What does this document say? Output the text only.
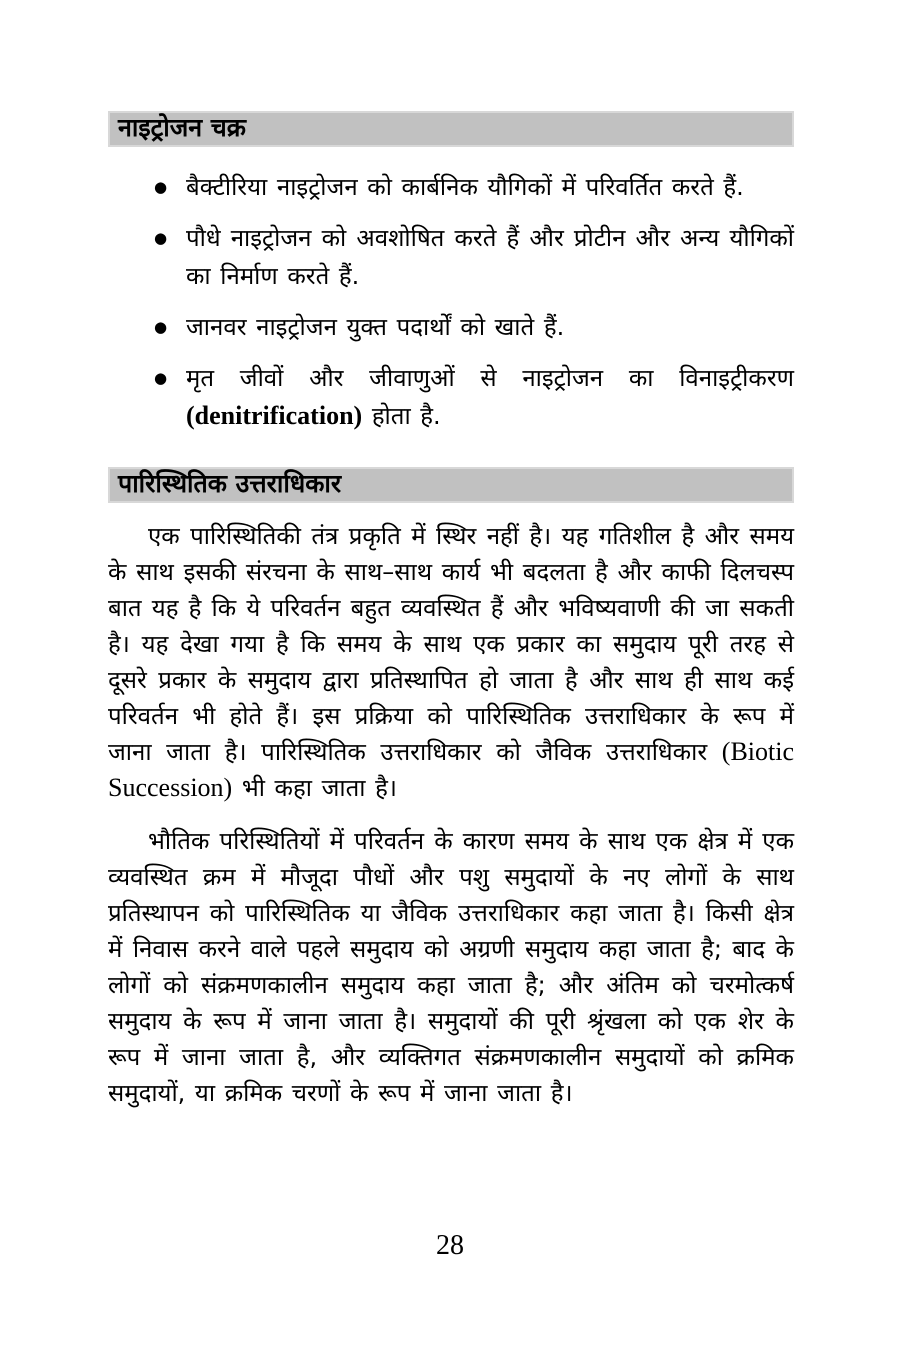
नाइट्रोजन चक्र
● बैक्टीरिया नाइट्रोजन को कार्बनिक यौगिकों में परिवर्तित करते हैं.
● पौधे नाइट्रोजन को अवशोषित करते हैं और प्रोटीन और अन्य यौगिकों का निर्माण करते हैं.
● जानवर नाइट्रोजन युक्त पदार्थों को खाते हैं.
● मृत जीवों और जीवाणुओं से नाइट्रोजन का विनाइट्रीकरण (denitrification) होता है.
पारिस्थितिक उत्तराधिकार

एक पारिस्थितिकी तंत्र प्रकृति में स्थिर नहीं है। यह गतिशील है और समय के साथ इसकी संरचना के साथ–साथ कार्य भी बदलता है और काफी दिलचस्प बात यह है कि ये परिवर्तन बहुत व्यवस्थित हैं और भविष्यवाणी की जा सकती है। यह देखा गया है कि समय के साथ एक प्रकार का समुदाय पूरी तरह से दूसरे प्रकार के समुदाय द्वारा प्रतिस्थापित हो जाता है और साथ ही साथ कई परिवर्तन भी होते हैं। इस प्रक्रिया को पारिस्थितिक उत्तराधिकार के रूप में जाना जाता है। पारिस्थितिक उत्तराधिकार को जैविक उत्तराधिकार (Biotic Succession) भी कहा जाता है।

भौतिक परिस्थितियों में परिवर्तन के कारण समय के साथ एक क्षेत्र में एक व्यवस्थित क्रम में मौजूदा पौधों और पशु समुदायों के नए लोगों के साथ प्रतिस्थापन को पारिस्थितिक या जैविक उत्तराधिकार कहा जाता है। किसी क्षेत्र में निवास करने वाले पहले समुदाय को अग्रणी समुदाय कहा जाता है; बाद के लोगों को संक्रमणकालीन समुदाय कहा जाता है; और अंतिम को चरमोत्कर्ष समुदाय के रूप में जाना जाता है। समुदायों की पूरी श्रृंखला को एक शेर के रूप में जाना जाता है, और व्यक्तिगत संक्रमणकालीन समुदायों को क्रमिक समुदायों, या क्रमिक चरणों के रूप में जाना जाता है।

28
